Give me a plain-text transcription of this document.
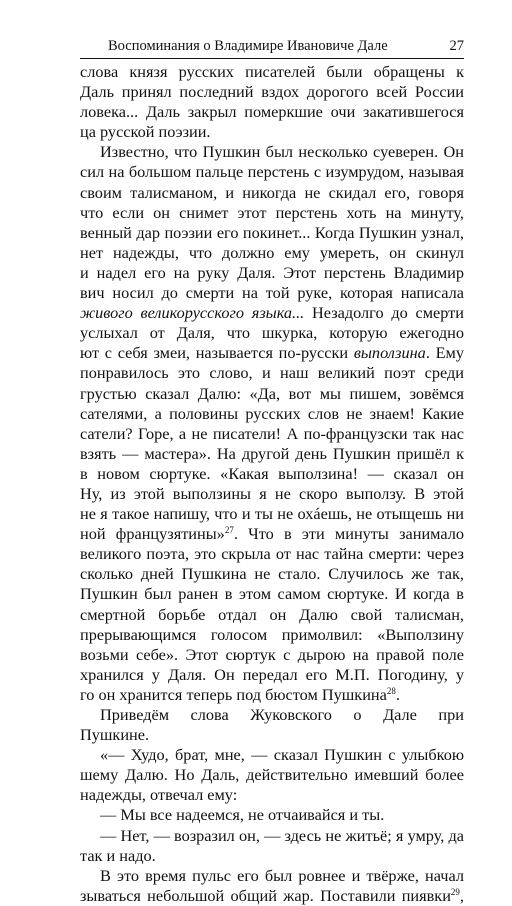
Воспоминания о Владимире Ивановиче Дале	27
слова князя русских писателей были обращены к
Даль принял последний вздох дорогого всей России
ловека... Даль закрыл померкшие очи закатившегося
ца русской поэзии.
Известно, что Пушкин был несколько суеверен. Он
сил на большом пальце перстень с изумрудом, называя
своим талисманом, и никогда не скидал его, говоря
что если он снимет этот перстень хоть на минуту,
венный дар поэзии его покинет... Когда Пушкин узнал,
нет надежды, что должно ему умереть, он скинул
и надел его на руку Даля. Этот перстень Владимир
вич носил до смерти на той руке, которая написала
живого великорусского языка... Незадолго до смерти
услыхал от Даля, что шкурка, которую ежегодно
ют с себя змеи, называется по-русски выползина. Ему
понравилось это слово, и наш великий поэт среди
грустью сказал Далю: «Да, вот мы пишем, зовёмся
сателями, а половины русских слов не знаем! Какие
сатели? Горе, а не писатели! А по-французски так нас
взять — мастера». На другой день Пушкин пришёл к
в новом сюртуке. «Какая выползина! — сказал он
Ну, из этой выползины я не скоро выползу. В этой
не я такое напишу, что и ты не охáешь, не отыщешь ни
ной французятины»$^{27}$. Что в эти минуты занимало
великого поэта, это скрыла от нас тайна смерти: через
сколько дней Пушкина не стало. Случилось же так,
Пушкин был ранен в этом самом сюртуке. И когда в
смертной борьбе отдал он Далю свой талисман,
прерывающимся голосом примолвил: «Выползину
возьми себе». Этот сюртук с дырою на правой поле
хранился у Даля. Он передал его М.П. Погодину, у
го он хранится теперь под бюстом Пушкина$^{28}$.
Приведём слова Жуковского о Дале при
Пушкине.
«— Худо, брат, мне, — сказал Пушкин с улыбкою
шему Далю. Но Даль, действительно имевший более
надежды, отвечал ему:
— Мы все надеемся, не отчаивайся и ты.
— Нет, — возразил он, — здесь не житьё; я умру, да
так и надо.
В это время пульс его был ровнее и твёрже, начал
зываться небольшой общий жар. Поставили пиявки$^{29}$,
